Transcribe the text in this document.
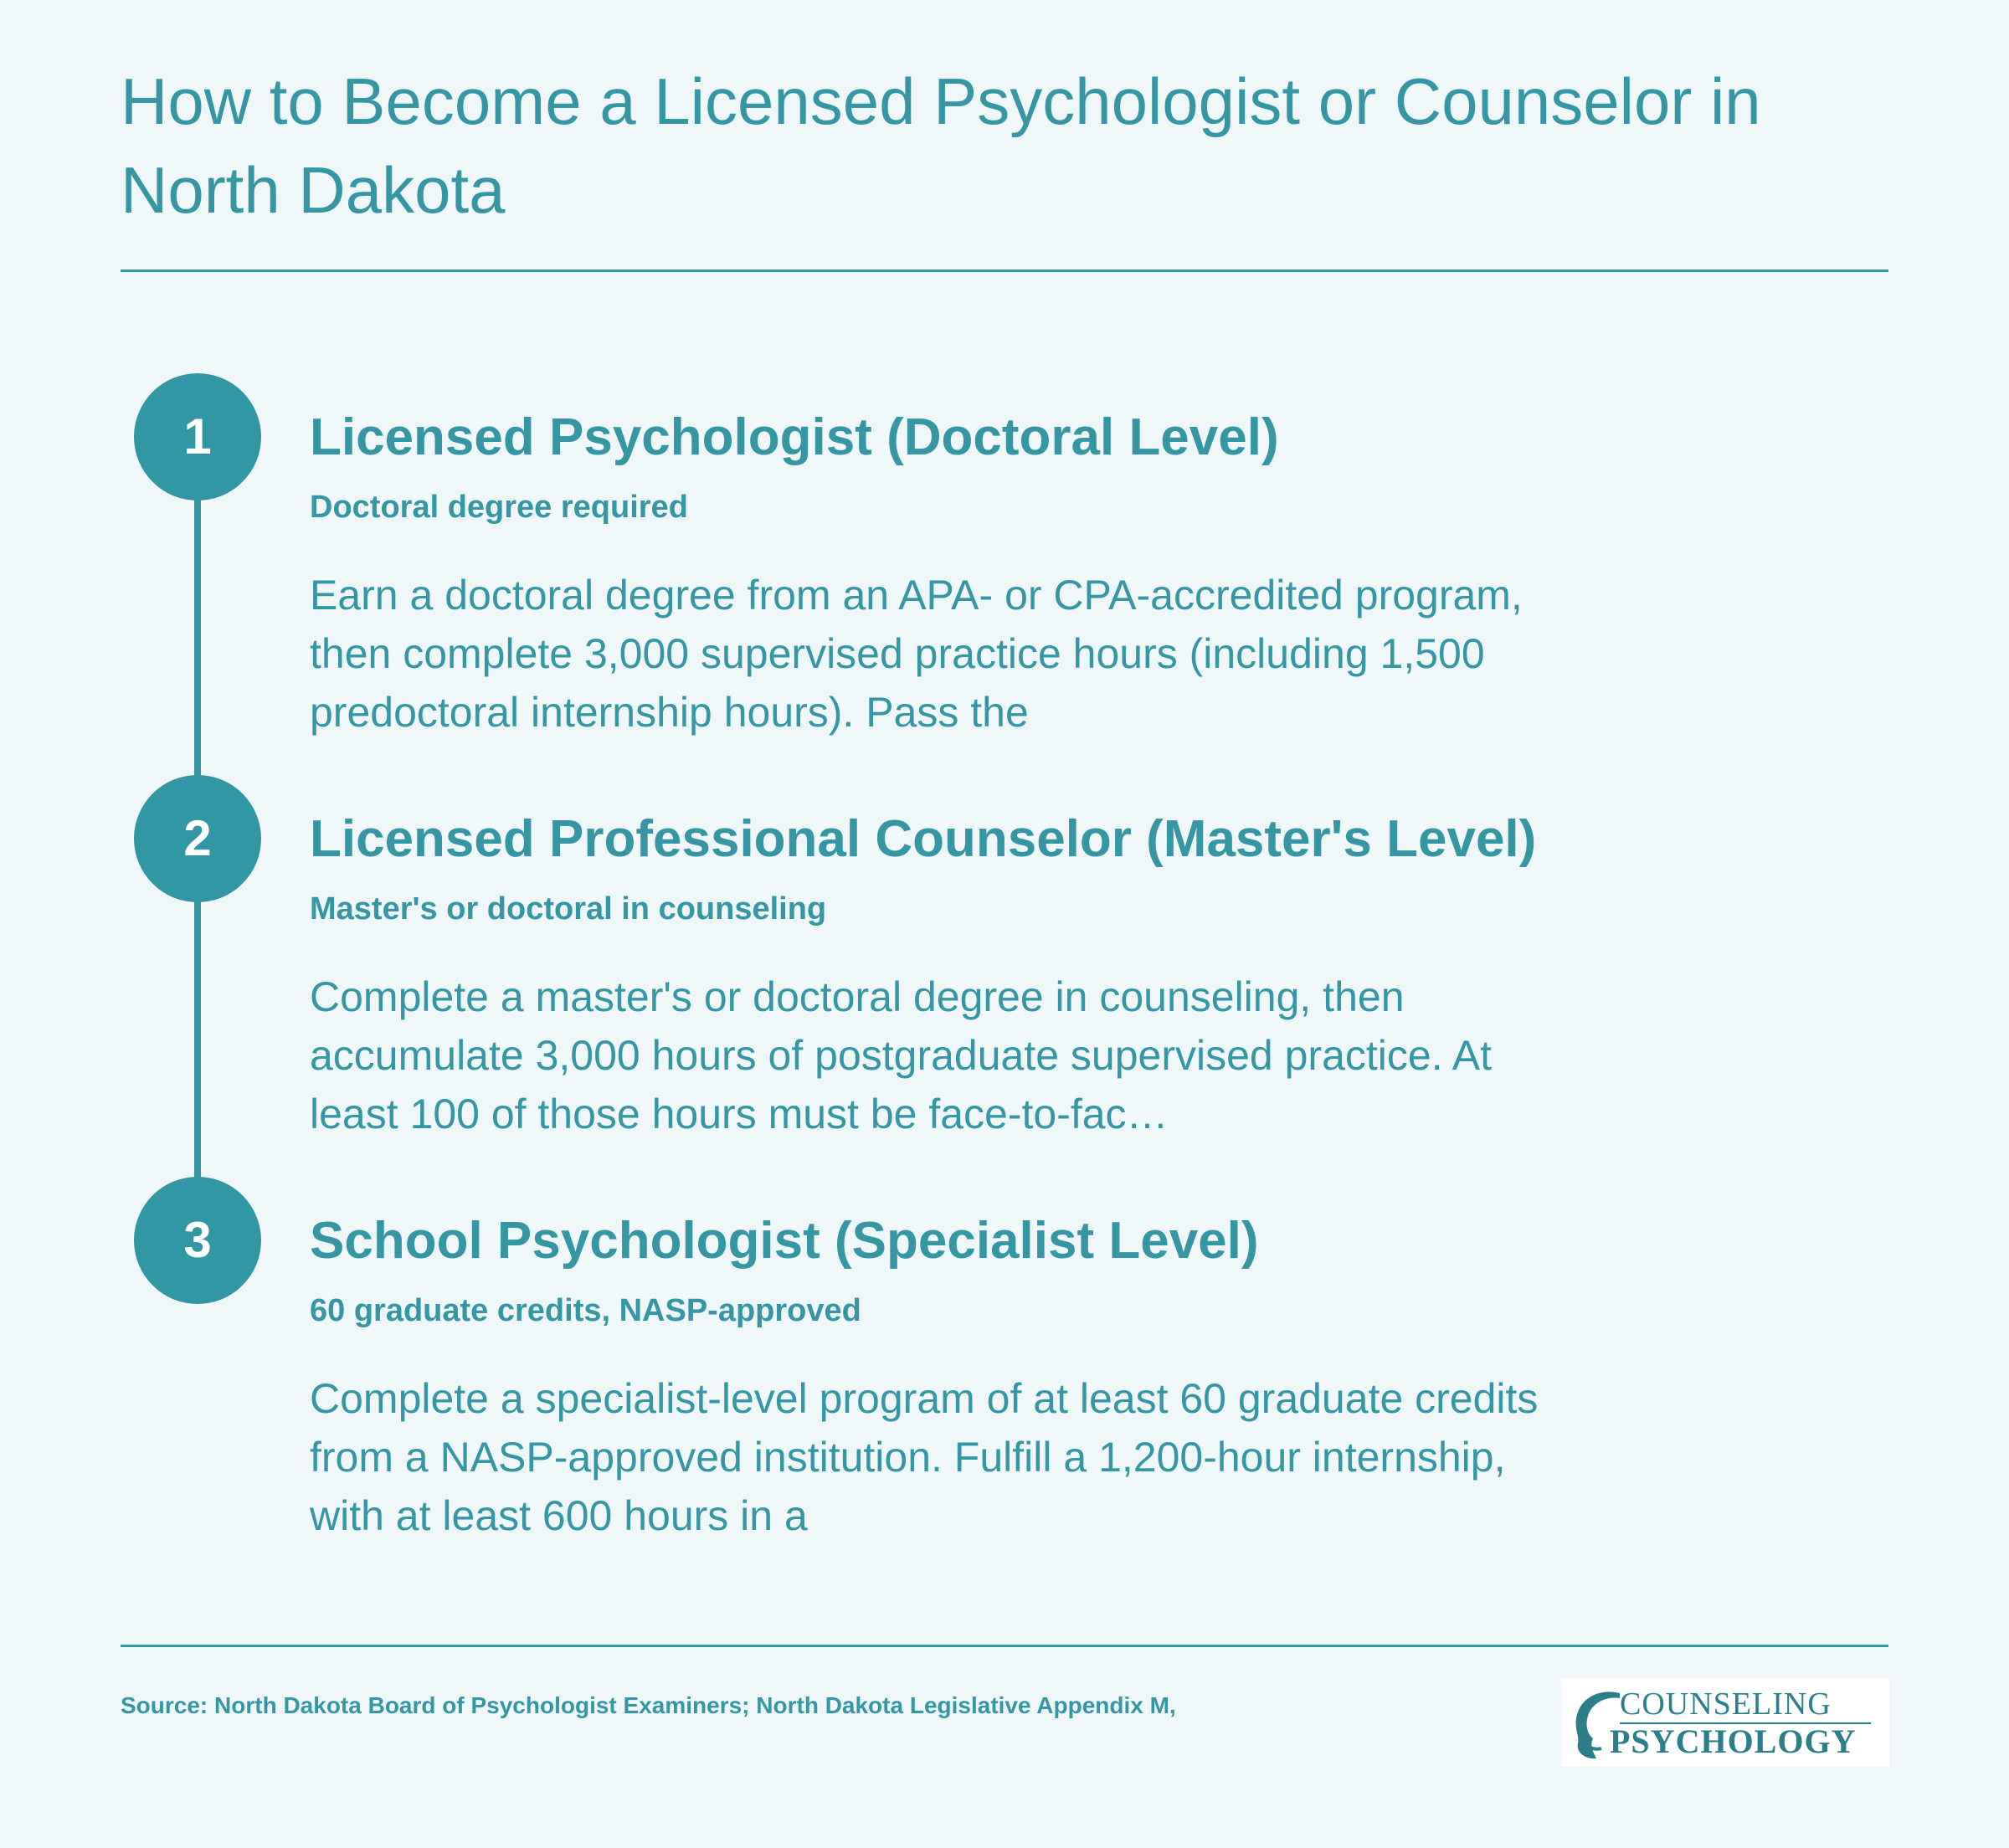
How to Become a Licensed Psychologist or Counselor in North Dakota
1	Licensed Psychologist (Doctoral Level)
Doctoral degree required
Earn a doctoral degree from an APA- or CPA-accredited program, then complete 3,000 supervised practice hours (including 1,500 predoctoral internship hours). Pass the
2	Licensed Professional Counselor (Master's Level)
Master's or doctoral in counseling
Complete a master's or doctoral degree in counseling, then accumulate 3,000 hours of postgraduate supervised practice. At least 100 of those hours must be face-to-fac…
3	School Psychologist (Specialist Level)
60 graduate credits, NASP-approved
Complete a specialist-level program of at least 60 graduate credits from a NASP-approved institution. Fulfill a 1,200-hour internship, with at least 600 hours in a
Source: North Dakota Board of Psychologist Examiners; North Dakota Legislative Appendix M,	COUNSELING
PSYCHOLOGY
